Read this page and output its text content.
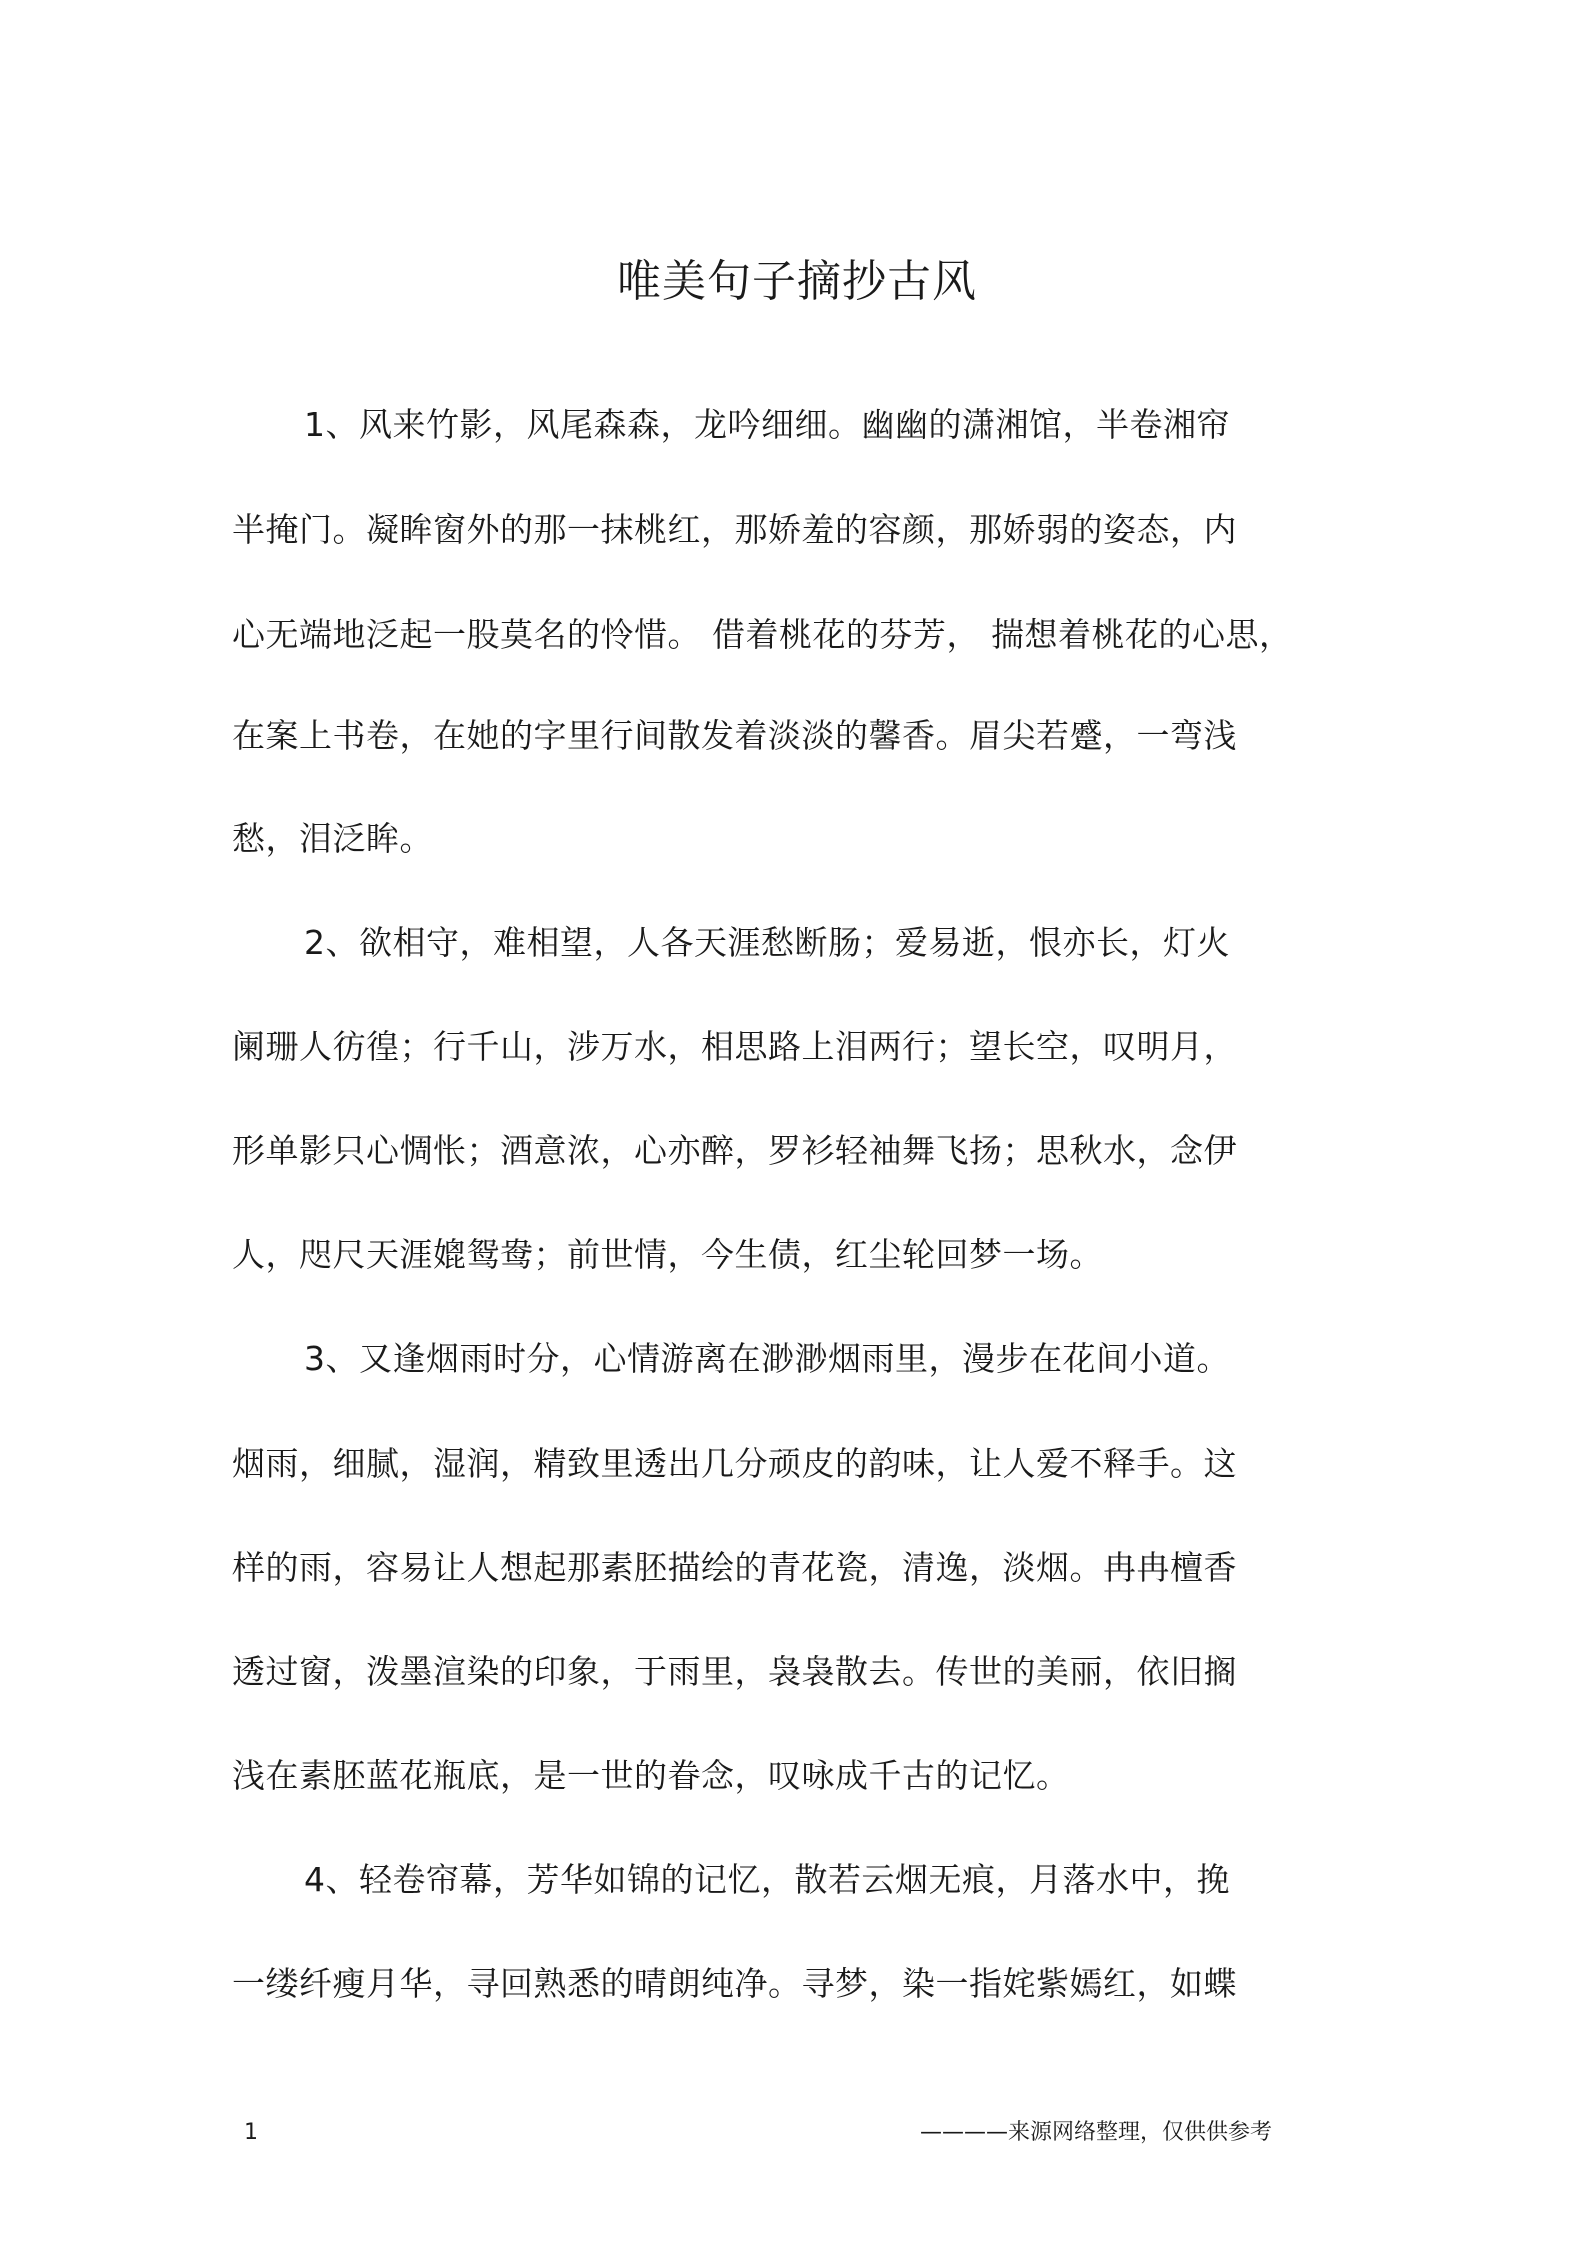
唯美句子摘抄古风
1、风来竹影，风尾森森，龙吟细细。幽幽的潇湘馆，半卷湘帘
半掩门。凝眸窗外的那一抹桃红，那娇羞的容颜，那娇弱的姿态，内
心无端地泛起一股莫名的怜惜。 借着桃花的芬芳， 揣想着桃花的心思，
在案上书卷，在她的字里行间散发着淡淡的馨香。眉尖若蹙，一弯浅
愁，泪泛眸。
2、欲相守，难相望，人各天涯愁断肠；爱易逝，恨亦长，灯火
阑珊人彷徨；行千山，涉万水，相思路上泪两行；望长空，叹明月，
形单影只心惆怅；酒意浓，心亦醉，罗衫轻袖舞飞扬；思秋水，念伊
人，咫尺天涯媲鸳鸯；前世情，今生债，红尘轮回梦一场。
3、又逢烟雨时分，心情游离在渺渺烟雨里，漫步在花间小道。
烟雨，细腻，湿润，精致里透出几分顽皮的韵味，让人爱不释手。这
样的雨，容易让人想起那素胚描绘的青花瓷，清逸，淡烟。冉冉檀香
透过窗，泼墨渲染的印象，于雨里，袅袅散去。传世的美丽，依旧搁
浅在素胚蓝花瓶底，是一世的眷念，叹咏成千古的记忆。
4、轻卷帘幕，芳华如锦的记忆，散若云烟无痕，月落水中，挽
一缕纤瘦月华，寻回熟悉的晴朗纯净。寻梦，染一指姹紫嫣红，如蝶
1	————来源网络整理，仅供供参考
